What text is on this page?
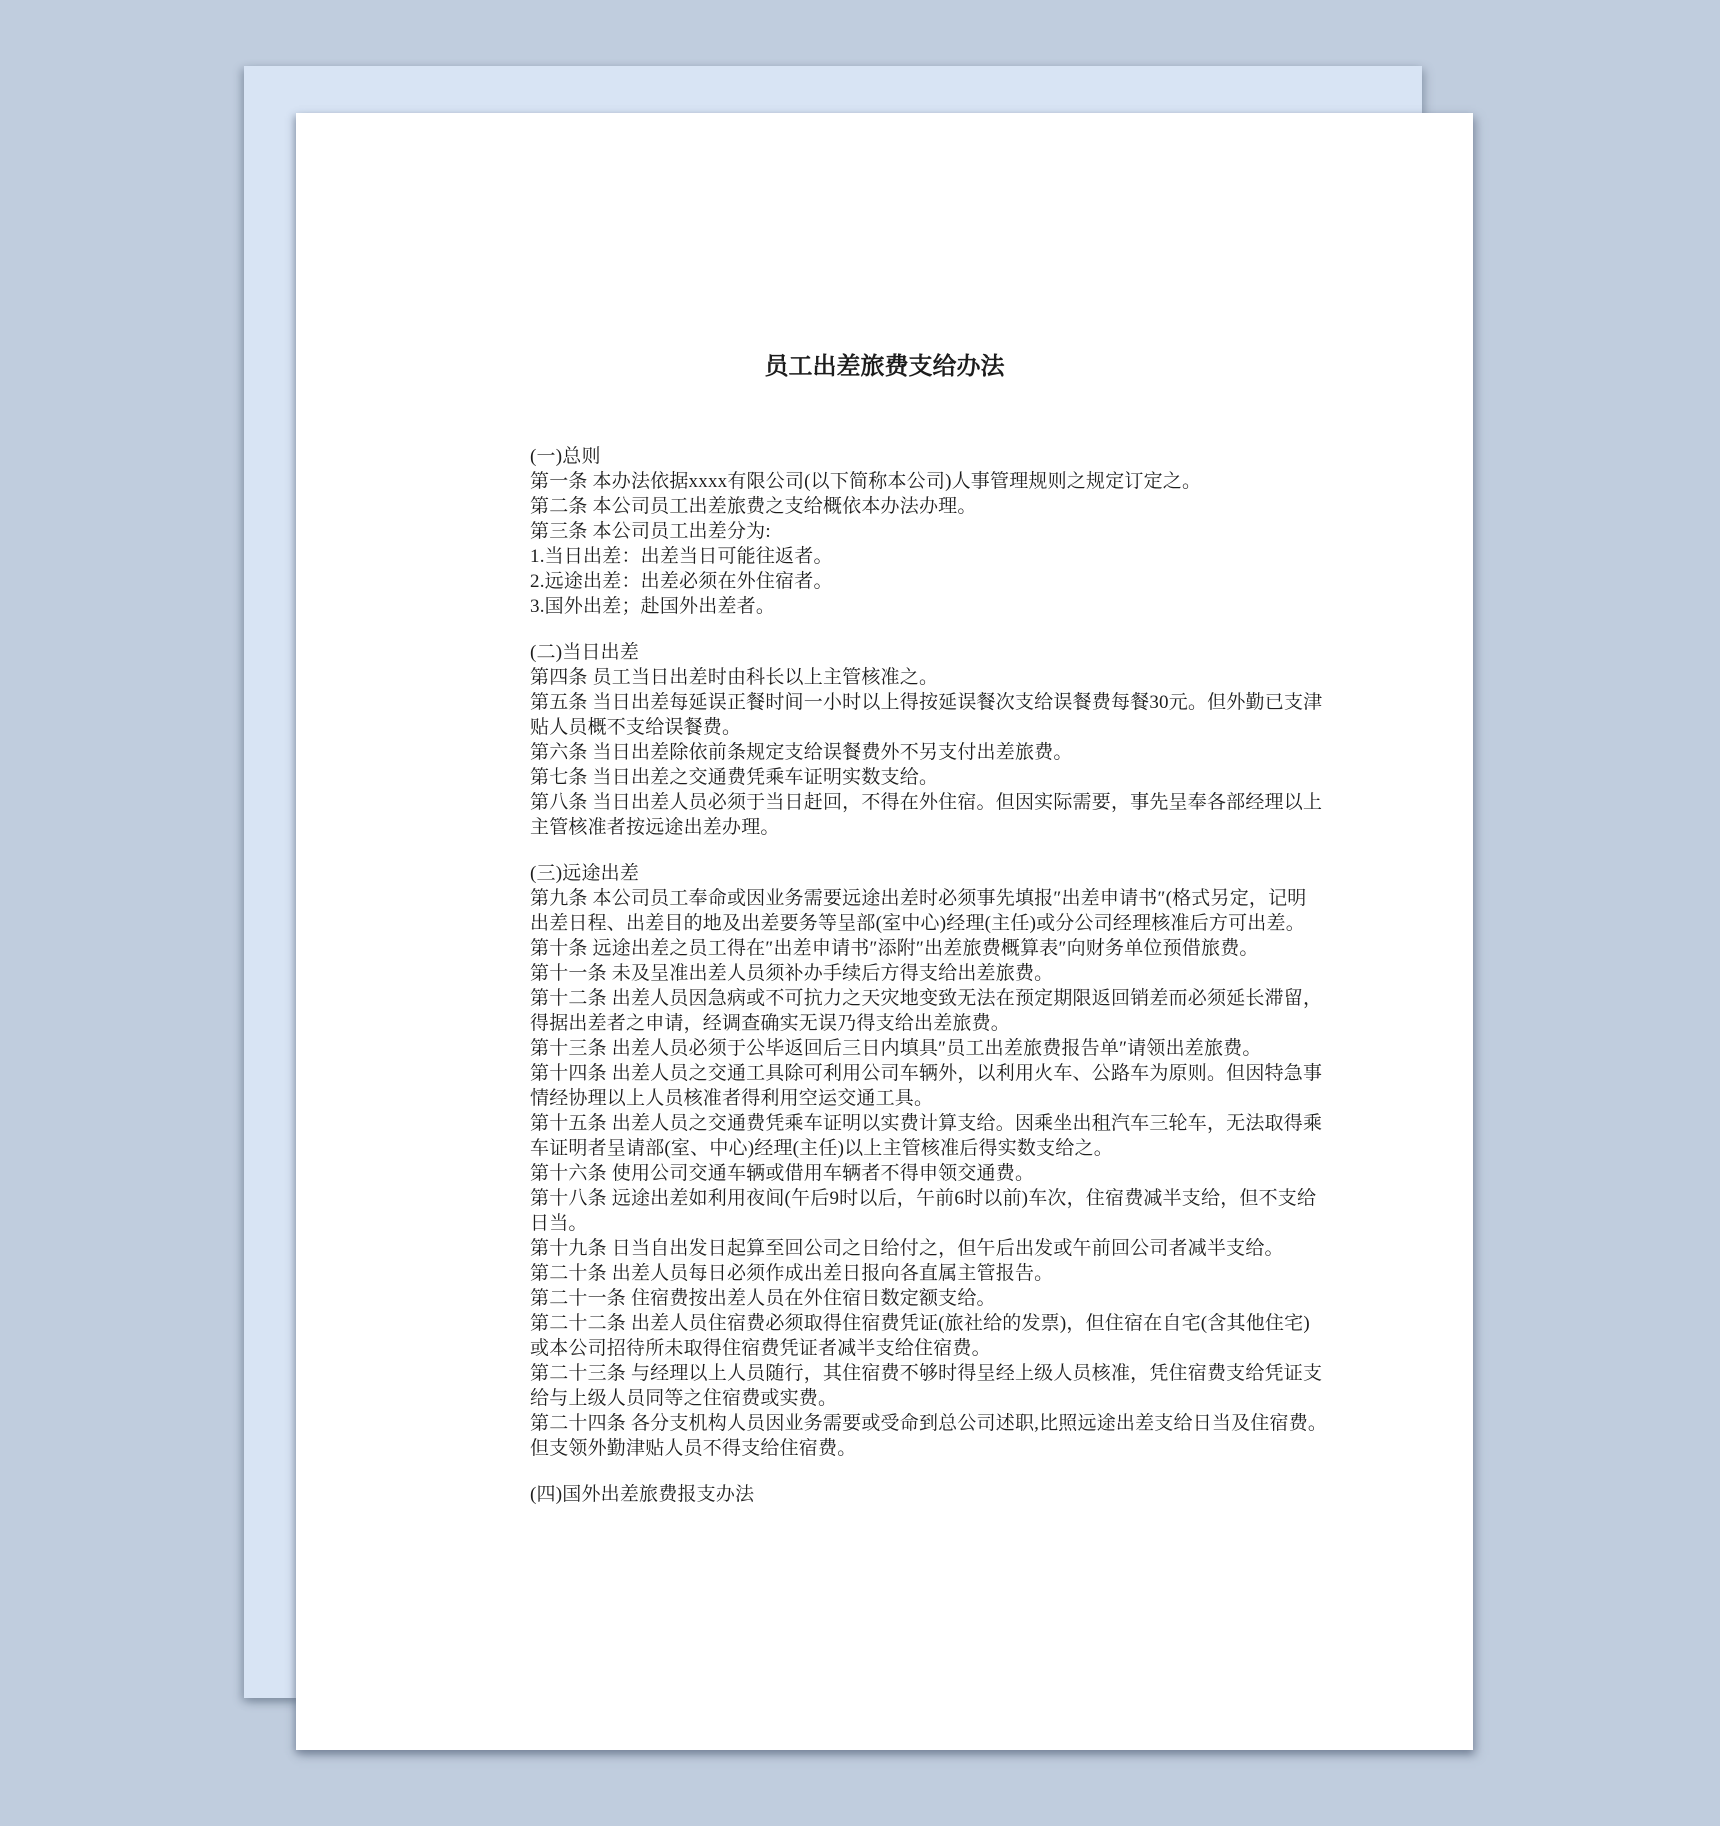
员工出差旅费支给办法
(一)总则
第一条 本办法依据xxxx有限公司(以下简称本公司)人事管理规则之规定订定之。
第二条 本公司员工出差旅费之支给概依本办法办理。
第三条 本公司员工出差分为:
1.当日出差：出差当日可能往返者。
2.远途出差：出差必须在外住宿者。
3.国外出差；赴国外出差者。
(二)当日出差
第四条 员工当日出差时由科长以上主管核准之。
第五条 当日出差每延误正餐时间一小时以上得按延误餐次支给误餐费每餐30元。但外勤已支津
贴人员概不支给误餐费。
第六条 当日出差除依前条规定支给误餐费外不另支付出差旅费。
第七条 当日出差之交通费凭乘车证明实数支给。
第八条 当日出差人员必须于当日赶回，不得在外住宿。但因实际需要，事先呈奉各部经理以上
主管核准者按远途出差办理。
(三)远途出差
第九条 本公司员工奉命或因业务需要远途出差时必须事先填报″出差申请书″(格式另定，记明
出差日程、出差目的地及出差要务等呈部(室中心)经理(主任)或分公司经理核准后方可出差。
第十条 远途出差之员工得在″出差申请书″添附″出差旅费概算表″向财务单位预借旅费。
第十一条 未及呈准出差人员须补办手续后方得支给出差旅费。
第十二条 出差人员因急病或不可抗力之天灾地变致无法在预定期限返回销差而必须延长滞留，
得据出差者之申请，经调查确实无误乃得支给出差旅费。
第十三条 出差人员必须于公毕返回后三日内填具″员工出差旅费报告单″请领出差旅费。
第十四条 出差人员之交通工具除可利用公司车辆外，以利用火车、公路车为原则。但因特急事
情经协理以上人员核准者得利用空运交通工具。
第十五条 出差人员之交通费凭乘车证明以实费计算支给。因乘坐出租汽车三轮车，无法取得乘
车证明者呈请部(室、中心)经理(主任)以上主管核准后得实数支给之。
第十六条 使用公司交通车辆或借用车辆者不得申领交通费。
第十八条 远途出差如利用夜间(午后9时以后，午前6时以前)车次，住宿费减半支给，但不支给
日当。
第十九条 日当自出发日起算至回公司之日给付之，但午后出发或午前回公司者减半支给。
第二十条 出差人员每日必须作成出差日报向各直属主管报告。
第二十一条 住宿费按出差人员在外住宿日数定额支给。
第二十二条 出差人员住宿费必须取得住宿费凭证(旅社给的发票)，但住宿在自宅(含其他住宅)
或本公司招待所未取得住宿费凭证者减半支给住宿费。
第二十三条 与经理以上人员随行，其住宿费不够时得呈经上级人员核准，凭住宿费支给凭证支
给与上级人员同等之住宿费或实费。
第二十四条 各分支机构人员因业务需要或受命到总公司述职,比照远途出差支给日当及住宿费。
但支领外勤津贴人员不得支给住宿费。
(四)国外出差旅费报支办法
